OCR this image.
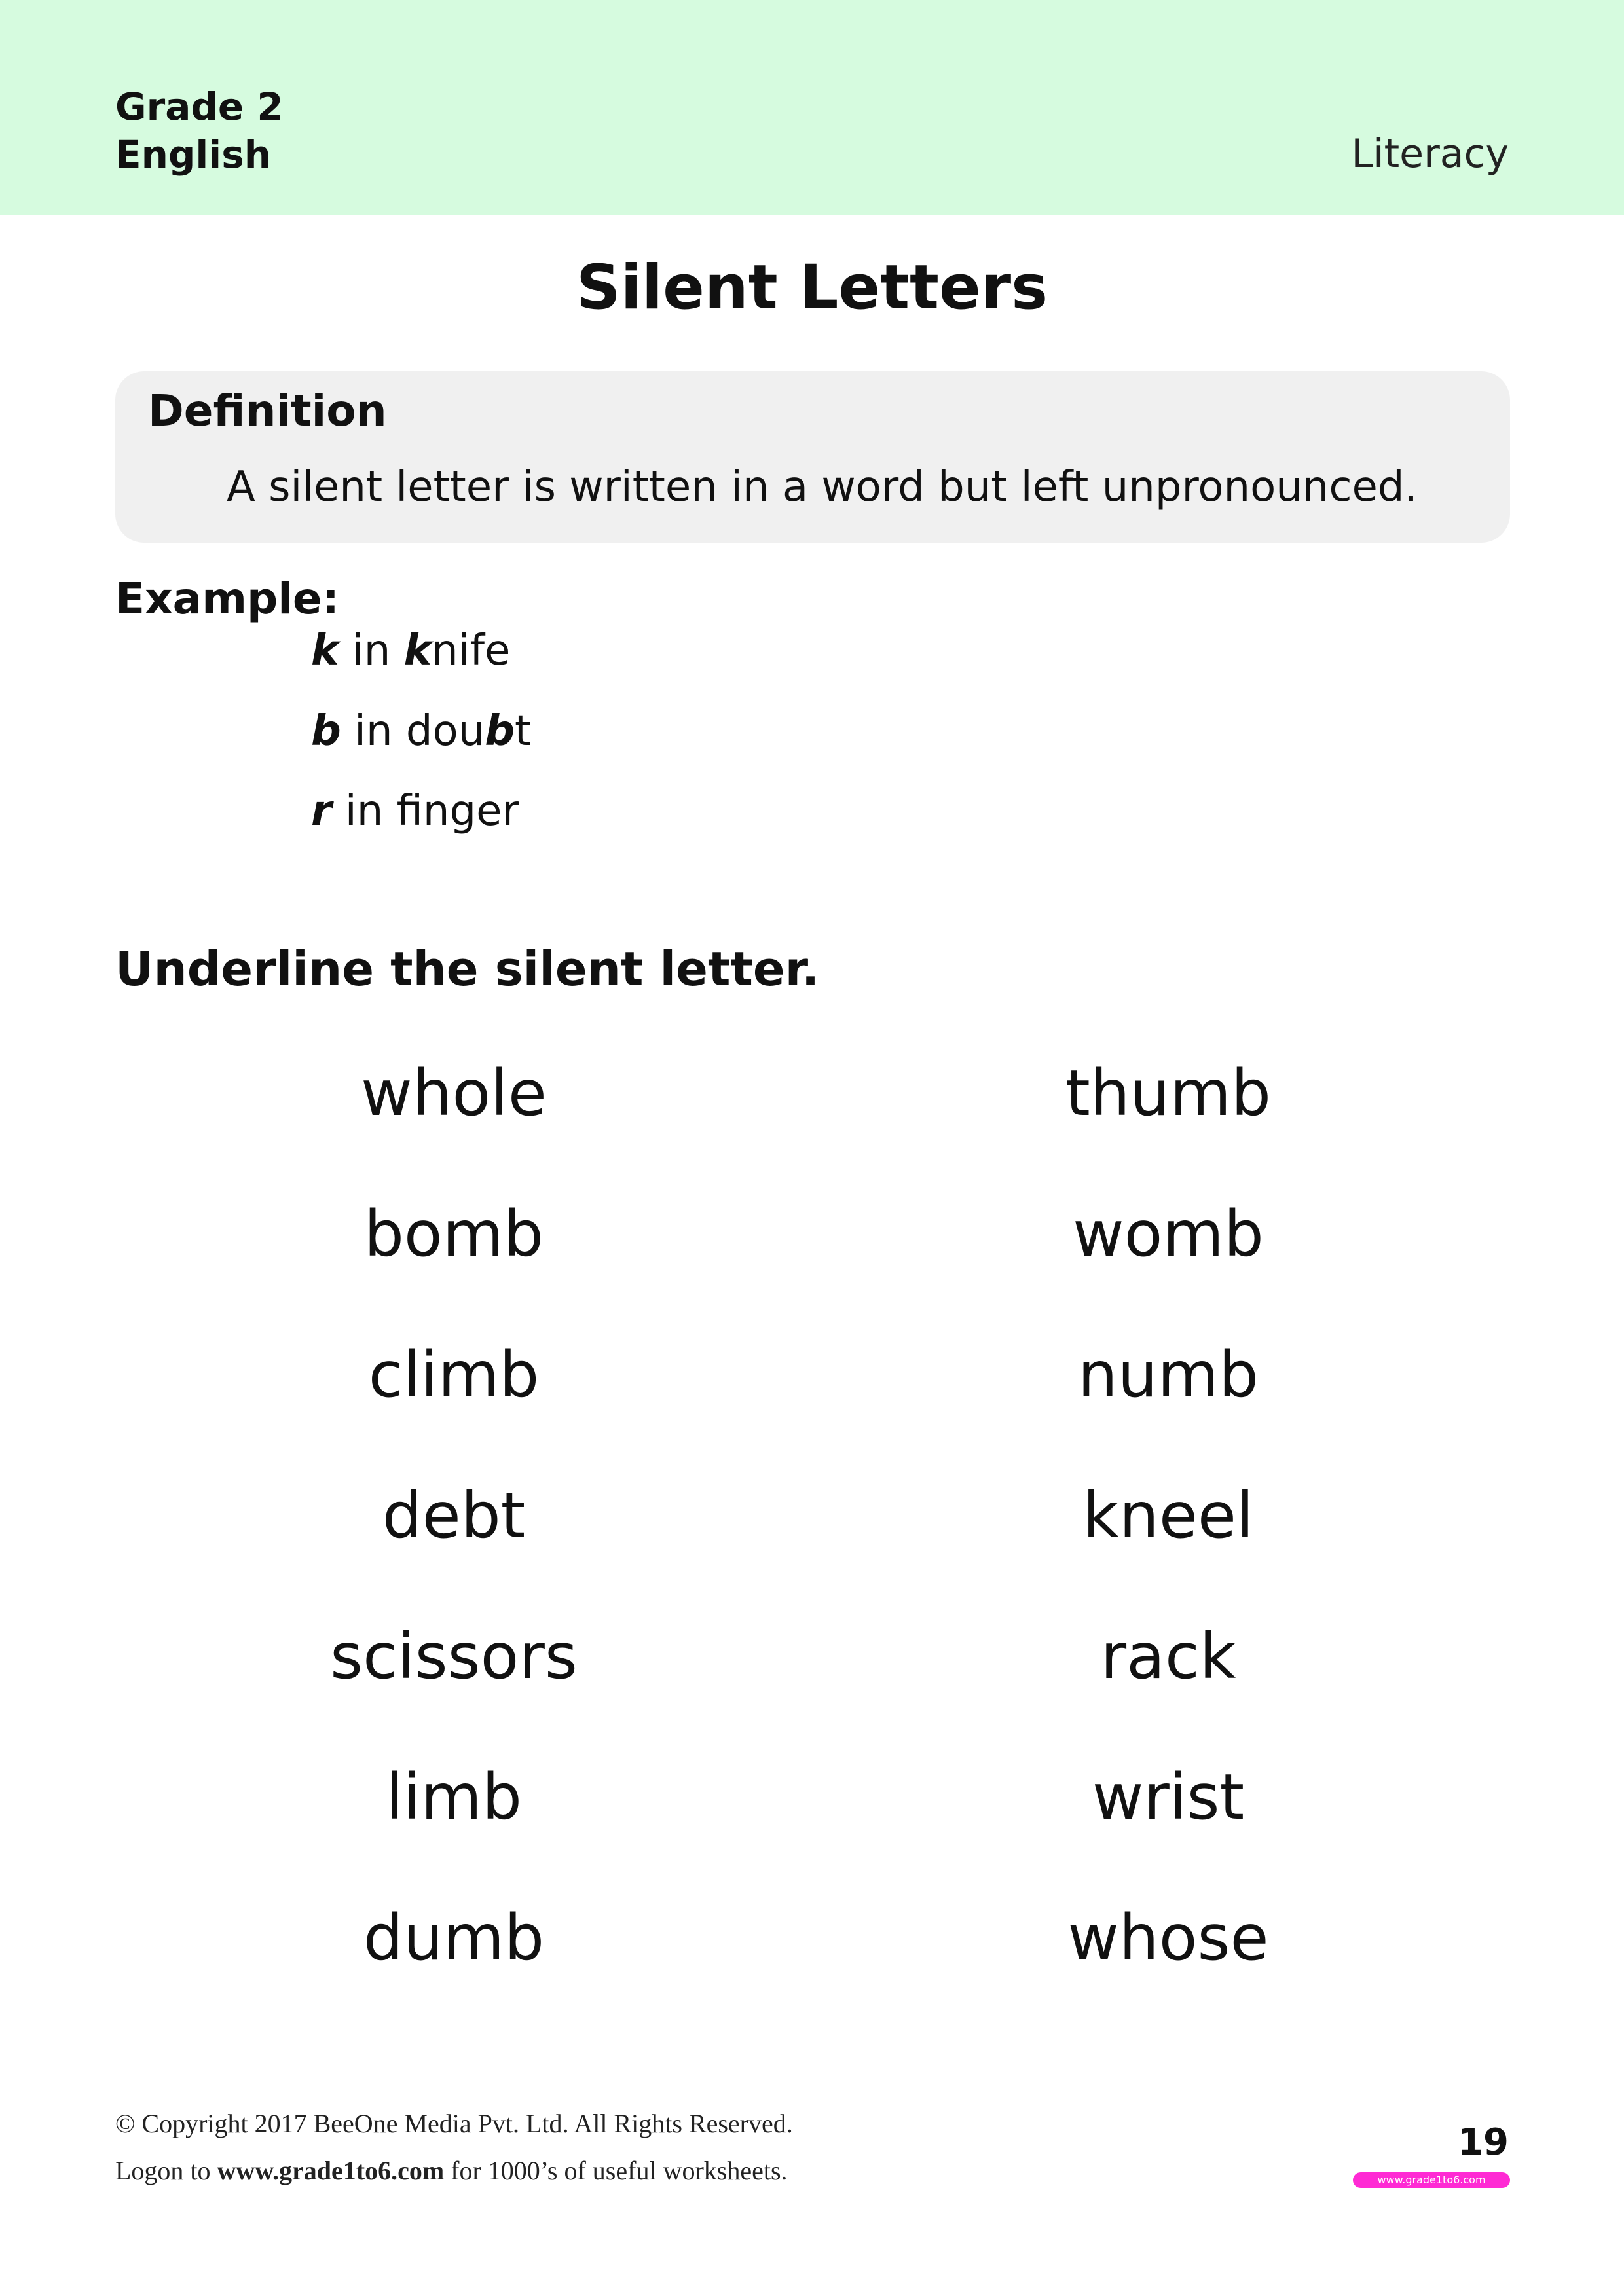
Grade 2
English	Literacy
Silent Letters
Definition
A silent letter is written in a word but left unpronounced.
Example:
k in knife
b in doubt
r in finger
Underline the silent letter.
whole
bomb
climb
debt
scissors
limb
dumb
thumb
womb
numb
kneel
rack
wrist
whose
© Copyright 2017 BeeOne Media Pvt. Ltd. All Rights Reserved.
Logon to www.grade1to6.com for 1000’s of useful worksheets.
19
www.grade1to6.com
